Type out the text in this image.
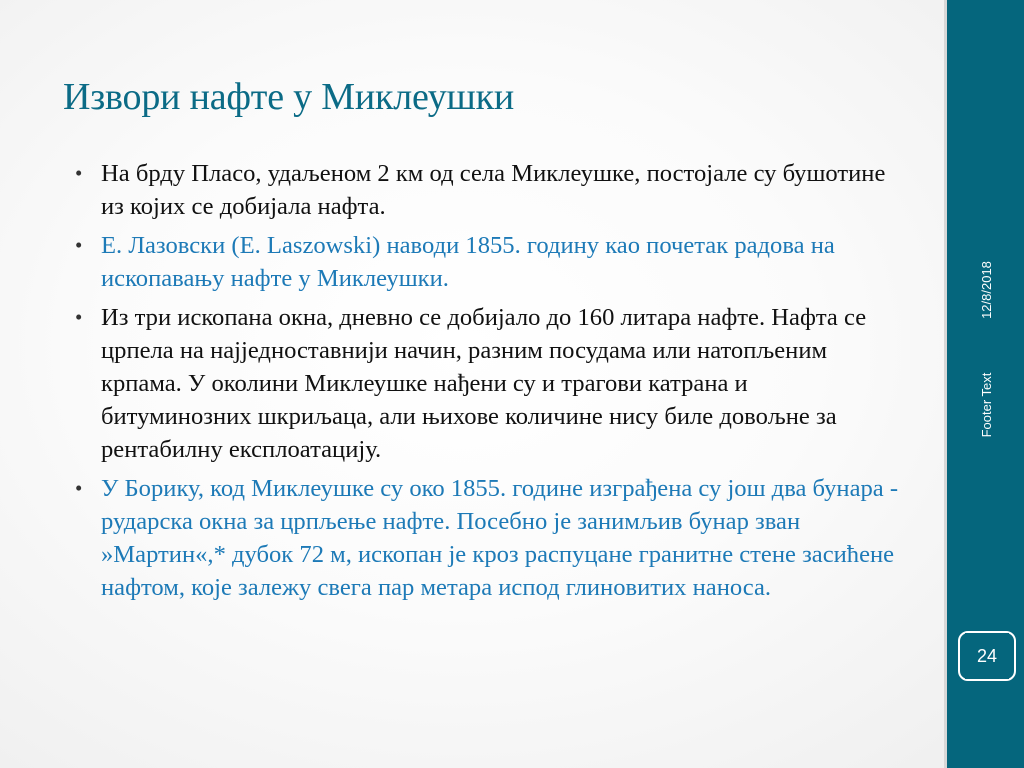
Извори нафте у Миклеушки
• На брду Пласо, удаљеном 2 км од села Миклеушке, постојале су бушотине из којих се добијала нафта.
• Е. Лазовски (E. Laszowski) наводи 1855. годину као почетак радова на ископавању нафте у Миклеушки.
• Из три ископана окна, дневно се добијало до 160 литара нафте. Нафта се црпела на најједноставнији начин, разним посудама или натопљеним крпама. У околини Миклеушке нађени су и трагови катрана и битуминозних шкриљаца, али њихове количине нису биле довољне за рентабилну експлоатацију.
• У Борику, код Миклеушке су око 1855. године изграђена су још два бунара - рударска окна за црпљење нафте. Посебно је занимљив бунар зван »Мартин«,* дубок 72 м, ископан је кроз распуцане гранитне стене засићене нафтом, које залежу свега пар метара испод глиновитих наноса.
12/8/2018
Footer Text
24
